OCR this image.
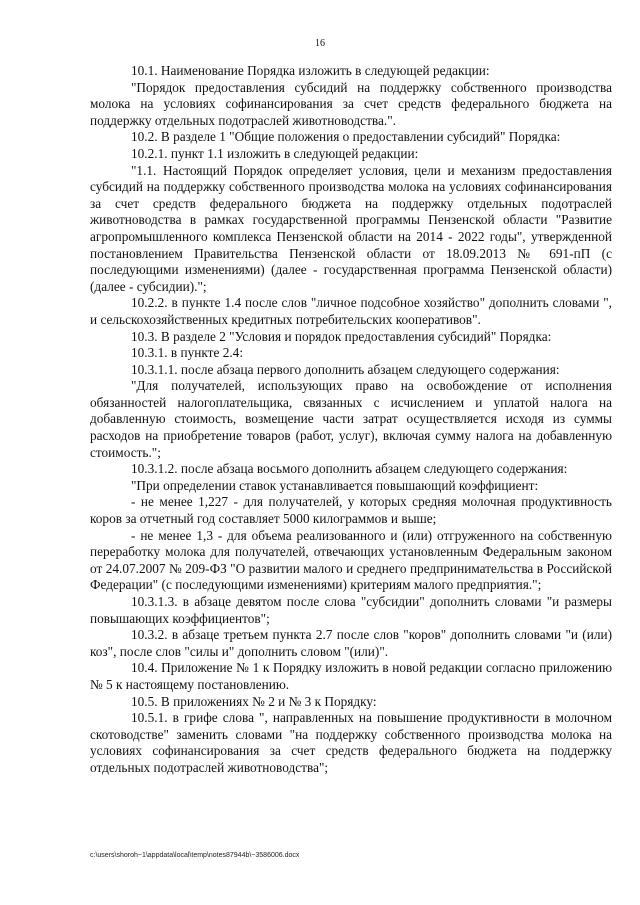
16

10.1. Наименование Порядка изложить в следующей редакции:

"Порядок предоставления субсидий на поддержку собственного производства молока на условиях софинансирования за счет средств федерального бюджета на поддержку отдельных подотраслей животноводства.".

10.2. В разделе 1 "Общие положения о предоставлении субсидий" Порядка:

10.2.1. пункт 1.1 изложить в следующей редакции:

"1.1. Настоящий Порядок определяет условия, цели и механизм предоставления субсидий на поддержку собственного производства молока на условиях софинансирования за счет средств федерального бюджета на поддержку отдельных подотраслей животноводства в рамках государственной программы Пензенской области "Развитие агропромышленного комплекса Пензенской области на 2014 - 2022 годы", утвержденной постановлением Правительства Пензенской области от 18.09.2013 № 691-пП (с последующими изменениями) (далее - государственная программа Пензенской области) (далее - субсидии).";

10.2.2. в пункте 1.4 после слов "личное подсобное хозяйство" дополнить словами ", и сельскохозяйственных кредитных потребительских кооперативов".

10.3. В разделе 2 "Условия и порядок предоставления субсидий" Порядка:

10.3.1. в пункте 2.4:

10.3.1.1. после абзаца первого дополнить абзацем следующего содержания:

"Для получателей, использующих право на освобождение от исполнения обязанностей налогоплательщика, связанных с исчислением и уплатой налога на добавленную стоимость, возмещение части затрат осуществляется исходя из суммы расходов на приобретение товаров (работ, услуг), включая сумму налога на добавленную стоимость.";

10.3.1.2. после абзаца восьмого дополнить абзацем следующего содержания:

"При определении ставок устанавливается повышающий коэффициент:

- не менее 1,227 - для получателей, у которых средняя молочная продуктивность коров за отчетный год составляет 5000 килограммов и выше;

- не менее 1,3 - для объема реализованного и (или) отгруженного на собственную переработку молока для получателей, отвечающих установленным Федеральным законом от 24.07.2007 № 209-ФЗ "О развитии малого и среднего предпринимательства в Российской Федерации" (с последующими изменениями) критериям малого предприятия.";

10.3.1.3. в абзаце девятом после слова "субсидии" дополнить словами "и размеры повышающих коэффициентов";

10.3.2. в абзаце третьем пункта 2.7 после слов "коров" дополнить словами "и (или) коз", после слов "силы и" дополнить словом "(или)".

10.4. Приложение № 1 к Порядку изложить в новой редакции согласно приложению № 5 к настоящему постановлению.

10.5. В приложениях № 2 и № 3 к Порядку:

10.5.1. в грифе слова ", направленных на повышение продуктивности в молочном скотоводстве" заменить словами "на поддержку собственного производства молока на условиях софинансирования за счет средств федерального бюджета на поддержку отдельных подотраслей животноводства";

c:\users\shoroh~1\appdata\local\temp\notes87944b\~3586006.docx
